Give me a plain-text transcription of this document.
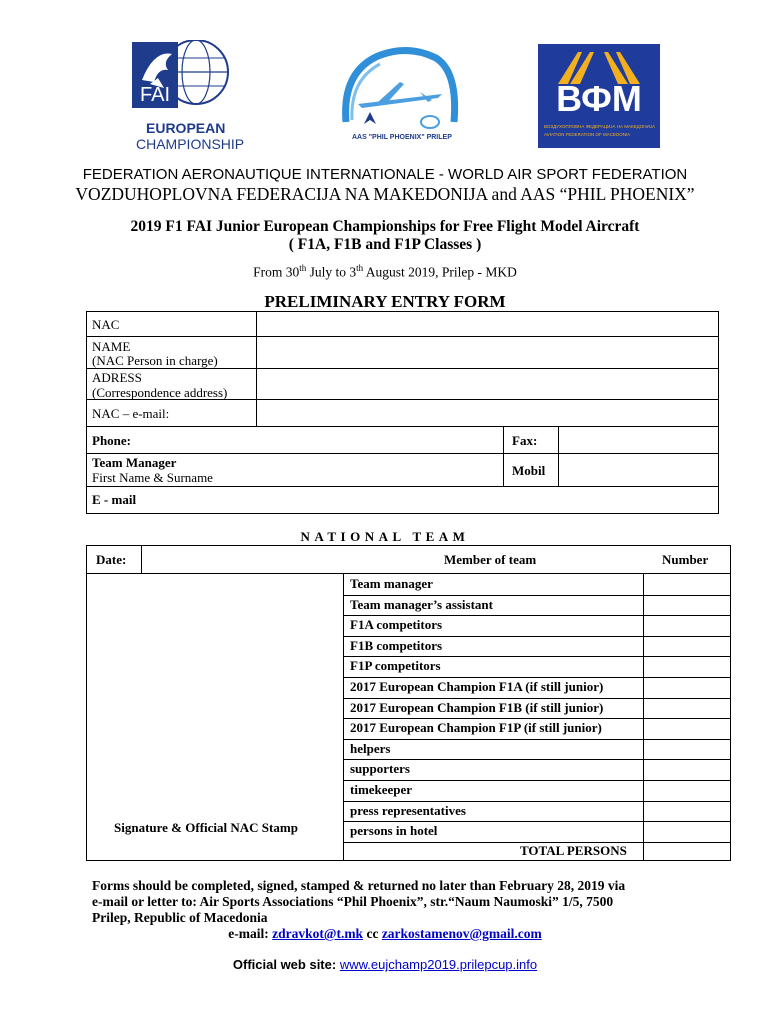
FAI
EUROPEAN
CHAMPIONSHIP	AAS "PHIL PHOENIX" PRILEP
ВФМ
ВОЗДУХОПЛОВНА ФЕДЕРАЦИЈА НА МАКЕДОНИЈА
AVIATION FEDERATION OF MACEDONIA
FEDERATION AERONAUTIQUE INTERNATIONALE - WORLD AIR SPORT FEDERATION
VOZDUHOPLOVNA FEDERACIJA NA MAKEDONIJA and AAS “PHIL PHOENIX”
2019 F1 FAI Junior European Championships for Free Flight Model Aircraft
( F1A, F1B and F1P Classes )
From 30th July to 3th August 2019, Prilep - MKD
PRELIMINARY ENTRY FORM
NAC
NAME
(NAC Person in charge)
ADRESS
(Correspondence address)
NAC – e-mail:
Phone:	Fax:
Team Manager
First Name & Surname	Mobil
E - mail
NATIONAL TEAM
Date:	Member of team	Number
Signature & Official NAC Stamp
Team manager
Team manager’s assistant
F1A competitors
F1B competitors
F1P competitors
2017 European Champion F1A (if still junior)
2017 European Champion F1B (if still junior)
2017 European Champion F1P (if still junior)
helpers
supporters
timekeeper
press representatives
persons in hotel
TOTAL PERSONS
Forms should be completed, signed, stamped & returned no later than February 28, 2019 via
e-mail or letter to: Air Sports Associations “Phil Phoenix”, str.“Naum Naumoski” 1/5, 7500
Prilep, Republic of Macedonia
e-mail: zdravkot@t.mk cc zarkostamenov@gmail.com
Official web site: www.eujchamp2019.prilepcup.info
